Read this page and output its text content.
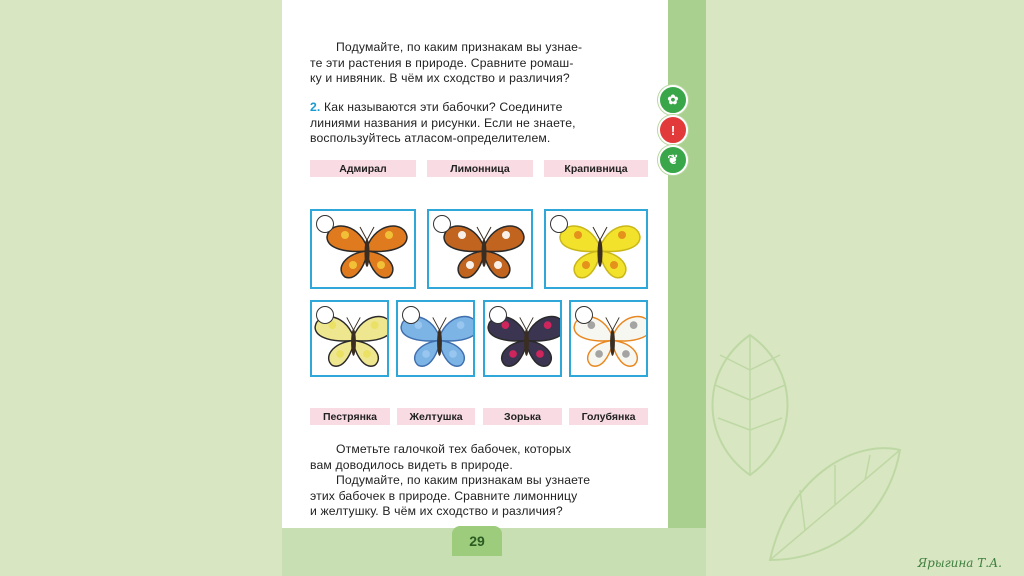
Подумайте, по каким признакам вы узнае-
те эти растения в природе. Сравните ромаш-
ку и нивяник. В чём их сходство и различия?
2. Как называются эти бабочки? Соедините
линиями названия и рисунки. Если не знаете,
воспользуйтесь атласом-определителем.
✿
!
❦
Адмирал	Лимонница	Крапивница
Пестрянка	Желтушка	Зорька	Голубянка
Отметьте галочкой тех бабочек, которых
вам доводилось видеть в природе.
Подумайте, по каким признакам вы узнаете
этих бабочек в природе. Сравните лимонницу
и желтушку. В чём их сходство и различия?
29
Ярыгина Т.А.
